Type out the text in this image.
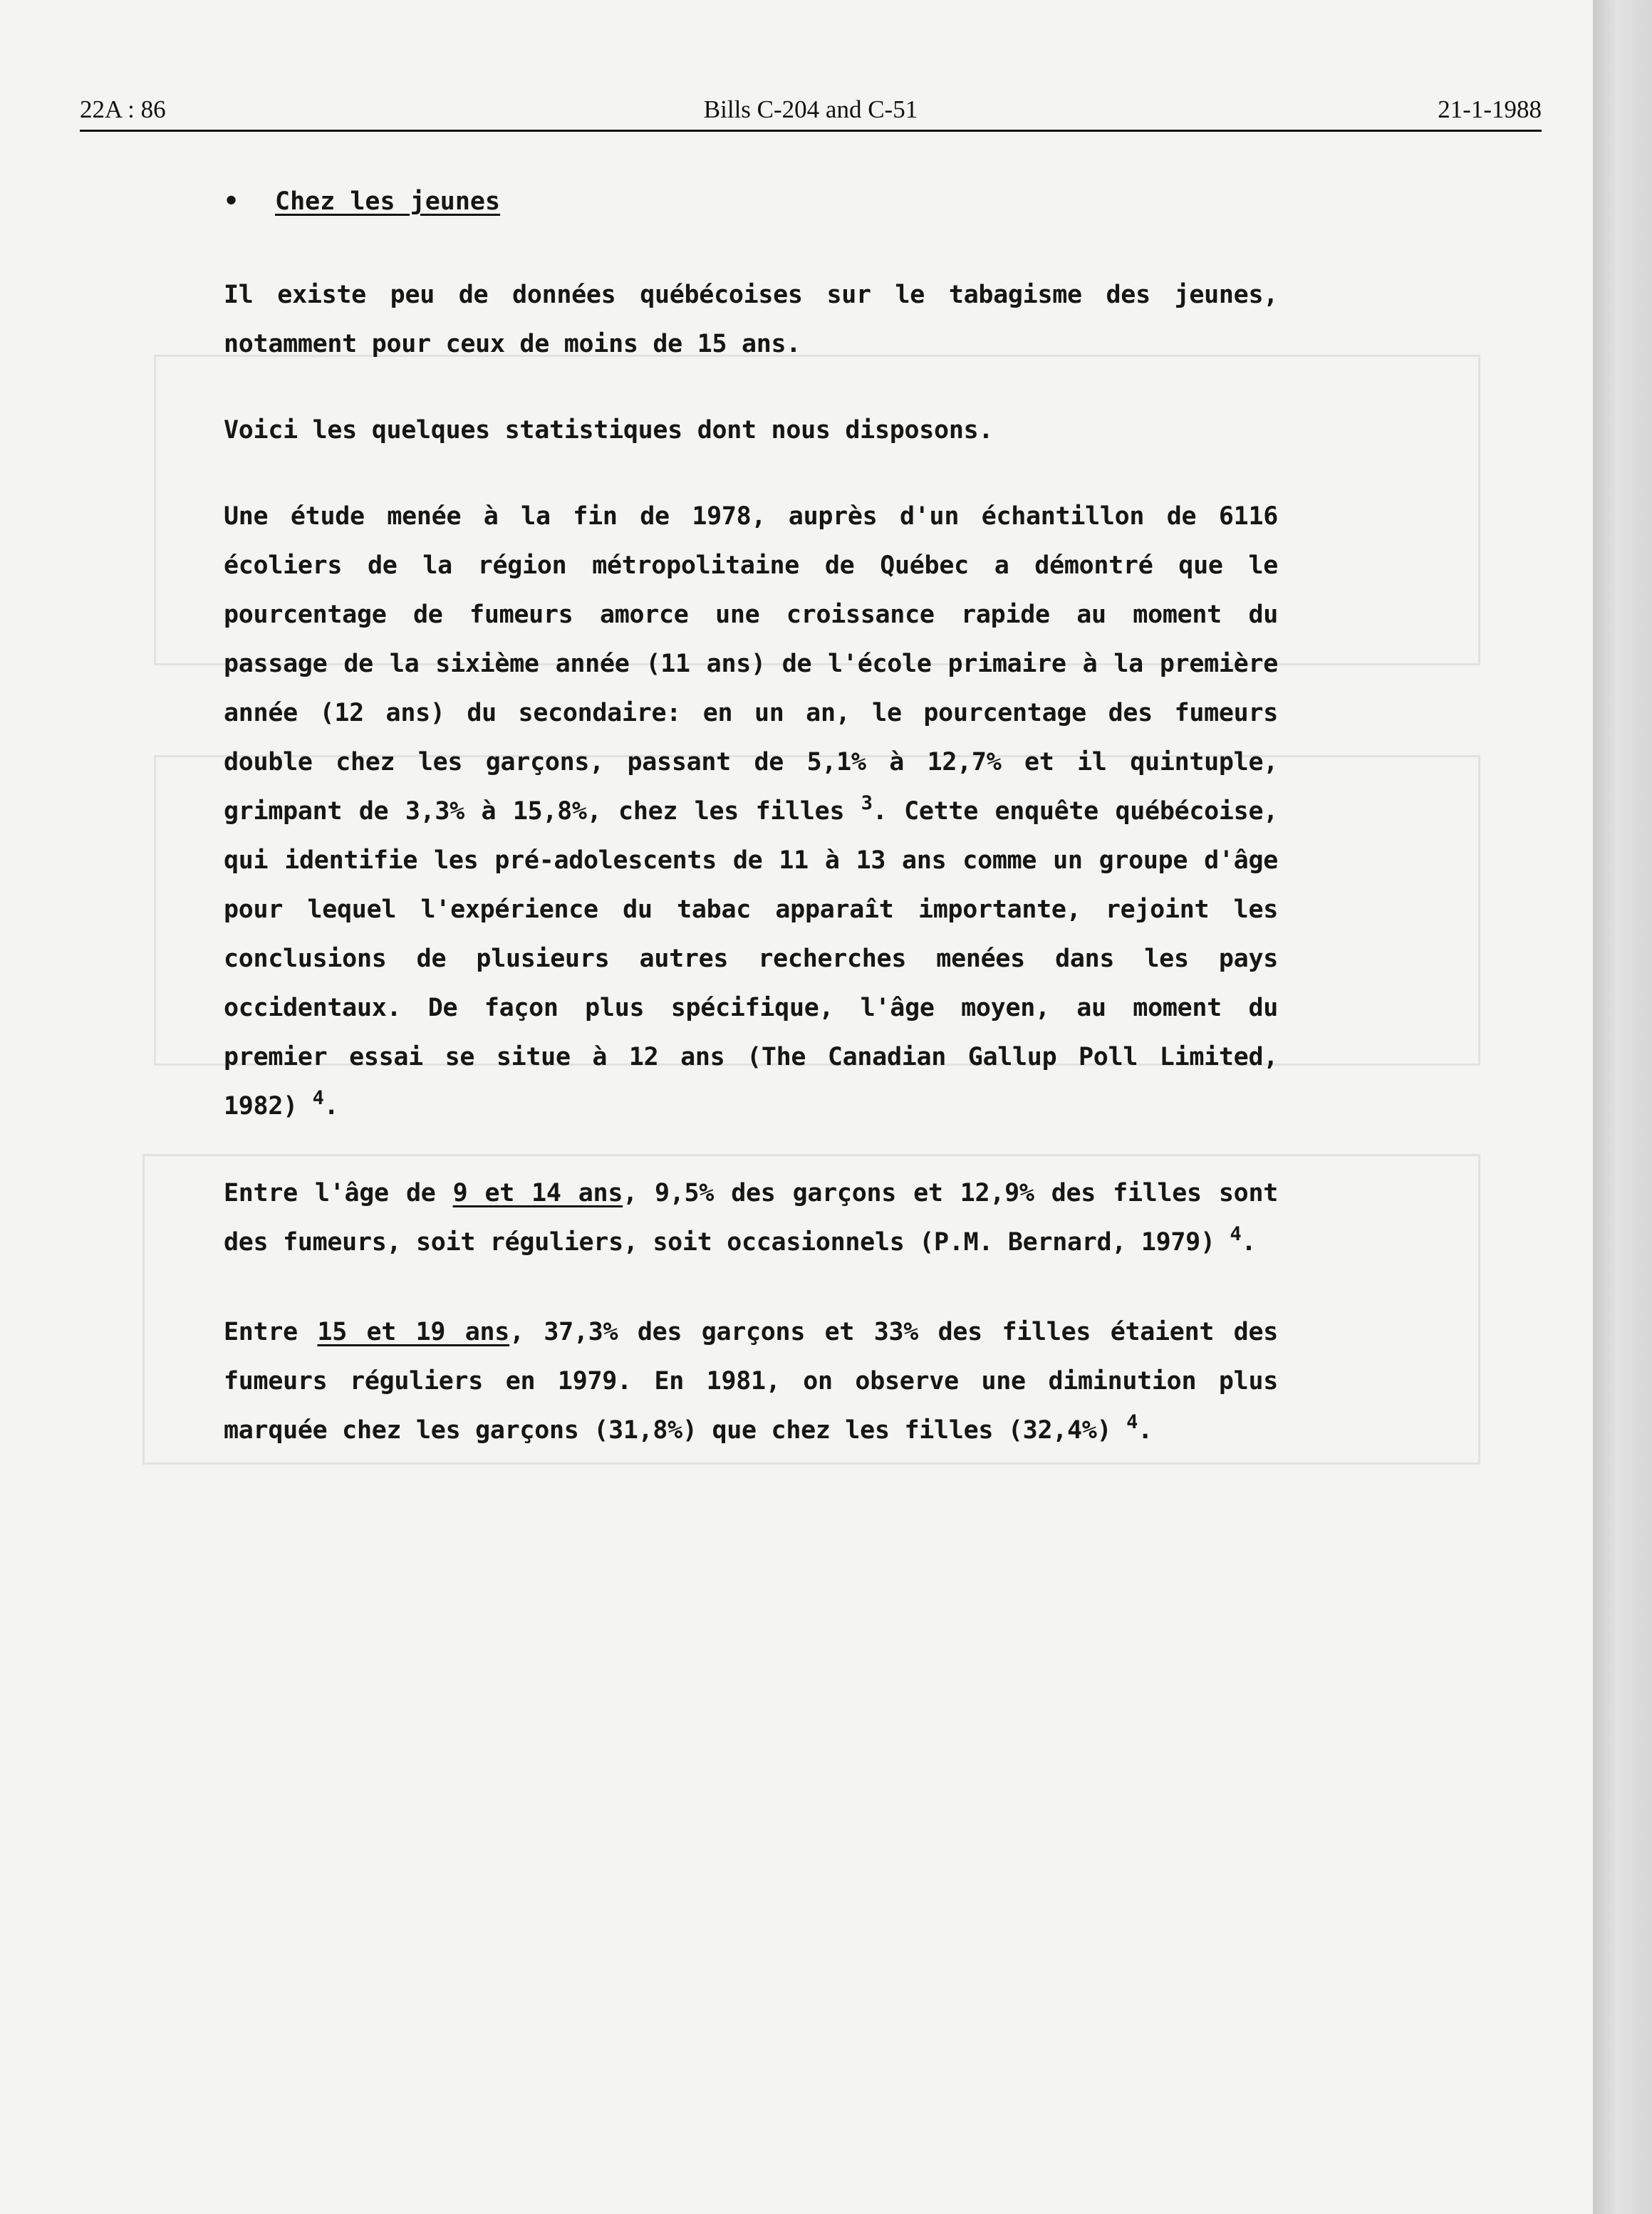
22A : 86	Bills C-204 and C-51	21-1-1988
• Chez les jeunes

Il existe peu de données québécoises sur le tabagisme des jeunes, notamment pour ceux de moins de 15 ans.

Voici les quelques statistiques dont nous disposons.

Une étude menée à la fin de 1978, auprès d'un échantillon de 6116 écoliers de la région métropolitaine de Québec a démontré que le pourcentage de fumeurs amorce une croissance rapide au moment du passage de la sixième année (11 ans) de l'école primaire à la première année (12 ans) du secondaire: en un an, le pourcentage des fumeurs double chez les garçons, passant de 5,1% à 12,7% et il quintuple, grimpant de 3,3% à 15,8%, chez les filles $^3$. Cette enquête québécoise, qui identifie les pré-adolescents de 11 à 13 ans comme un groupe d'âge pour lequel l'expérience du tabac apparaît importante, rejoint les conclusions de plusieurs autres recherches menées dans les pays occidentaux. De façon plus spécifique, l'âge moyen, au moment du premier essai se situe à 12 ans (The Canadian Gallup Poll Limited, 1982) $^4$.

Entre l'âge de 9 et 14 ans, 9,5% des garçons et 12,9% des filles sont des fumeurs, soit réguliers, soit occasionnels (P.M. Bernard, 1979) $^4$.

Entre 15 et 19 ans, 37,3% des garçons et 33% des filles étaient des fumeurs réguliers en 1979. En 1981, on observe une diminution plus marquée chez les garçons (31,8%) que chez les filles (32,4%) $^4$.
